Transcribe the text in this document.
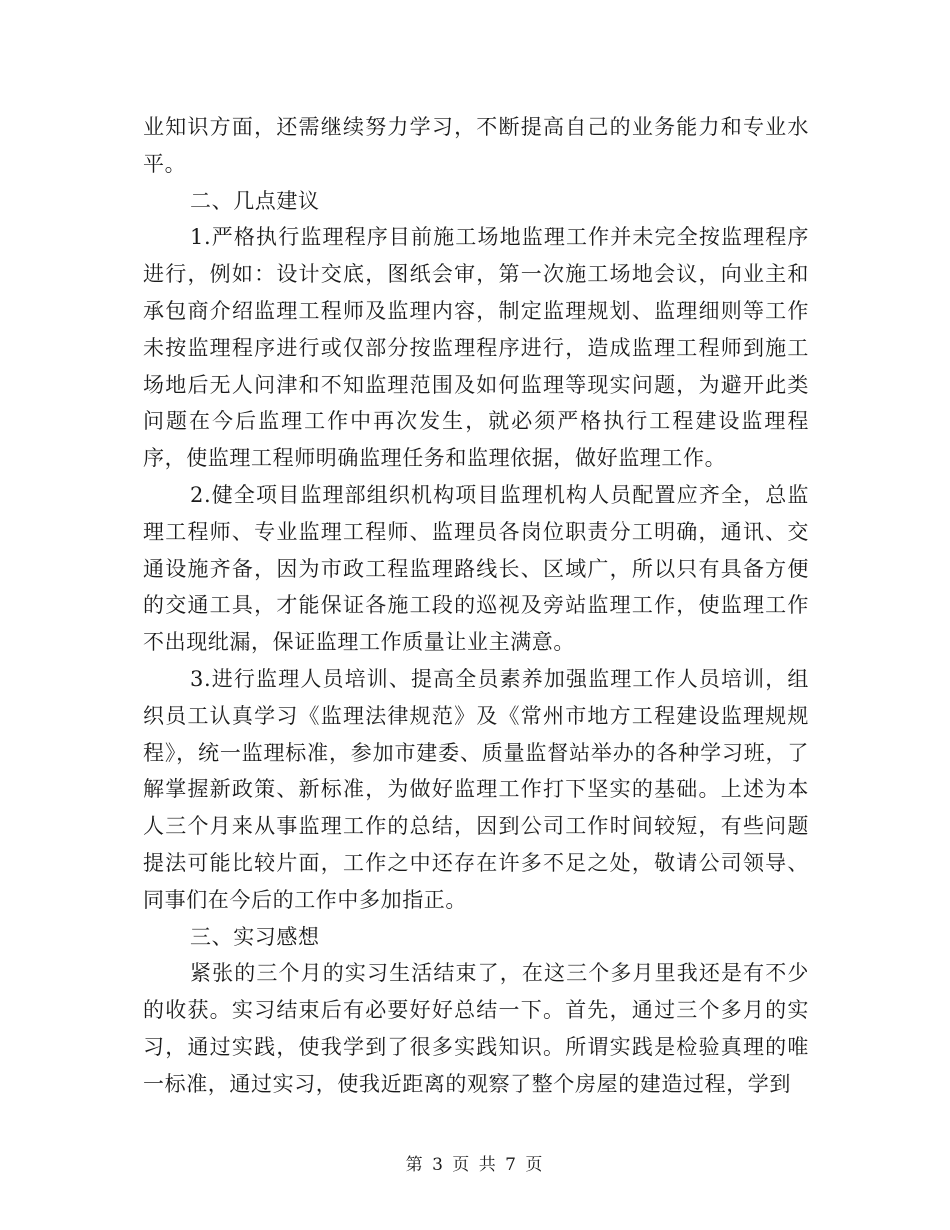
业知识方面，还需继续努力学习，不断提高自己的业务能力和专业水平。

二、几点建议

1.严格执行监理程序目前施工场地监理工作并未完全按监理程序进行，例如：设计交底，图纸会审，第一次施工场地会议，向业主和承包商介绍监理工程师及监理内容，制定监理规划、监理细则等工作未按监理程序进行或仅部分按监理程序进行，造成监理工程师到施工场地后无人问津和不知监理范围及如何监理等现实问题，为避开此类问题在今后监理工作中再次发生，就必须严格执行工程建设监理程序，使监理工程师明确监理任务和监理依据，做好监理工作。

2.健全项目监理部组织机构项目监理机构人员配置应齐全，总监理工程师、专业监理工程师、监理员各岗位职责分工明确，通讯、交通设施齐备，因为市政工程监理路线长、区域广，所以只有具备方便的交通工具，才能保证各施工段的巡视及旁站监理工作，使监理工作不出现纰漏，保证监理工作质量让业主满意。

3.进行监理人员培训、提高全员素养加强监理工作人员培训，组织员工认真学习《监理法律规范》及《常州市地方工程建设监理规规程》，统一监理标准，参加市建委、质量监督站举办的各种学习班，了解掌握新政策、新标准，为做好监理工作打下坚实的基础。上述为本人三个月来从事监理工作的总结，因到公司工作时间较短，有些问题提法可能比较片面，工作之中还存在许多不足之处，敬请公司领导、同事们在今后的工作中多加指正。

三、实习感想

紧张的三个月的实习生活结束了，在这三个多月里我还是有不少的收获。实习结束后有必要好好总结一下。首先，通过三个多月的实习，通过实践，使我学到了很多实践知识。所谓实践是检验真理的唯一标准，通过实习，使我近距离的观察了整个房屋的建造过程，学到

第 3 页 共 7 页
